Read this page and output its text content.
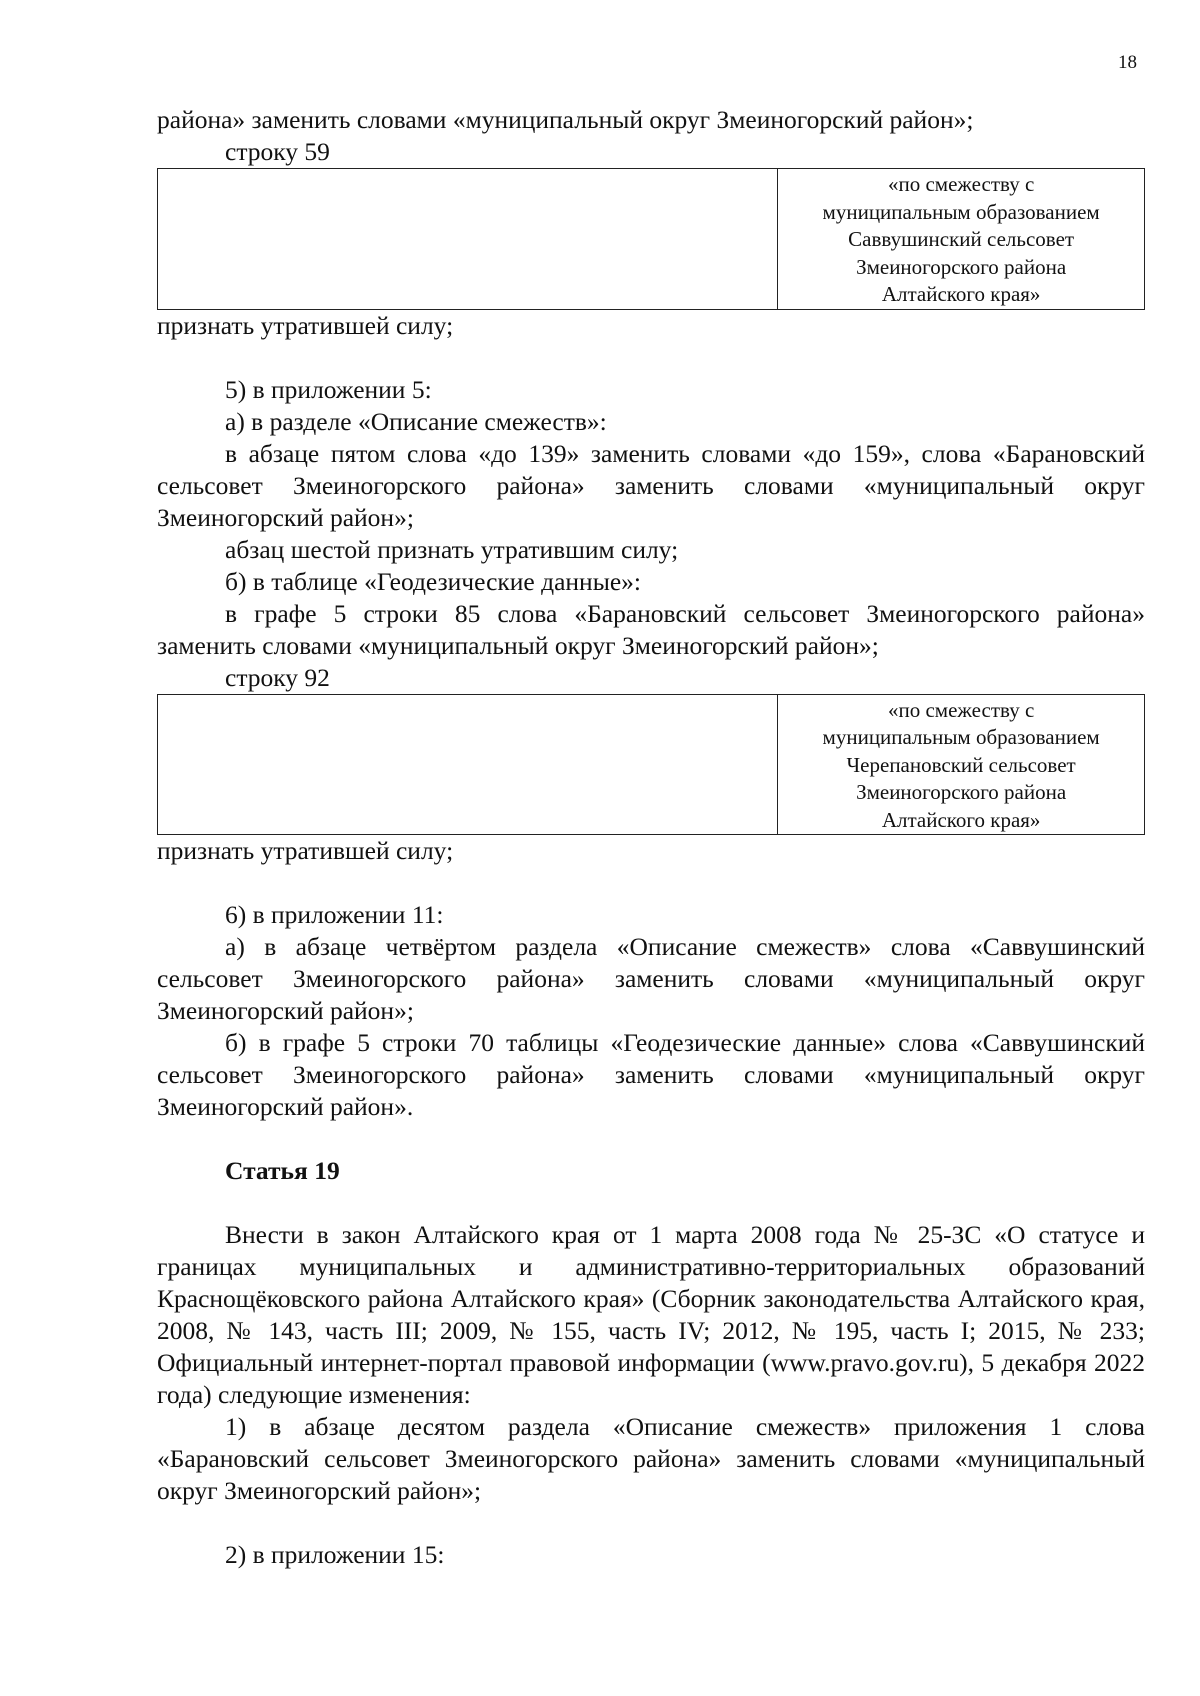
18

района» заменить словами «муниципальный округ Змеиногорский район»;

строку 59

«по смежеству с
муниципальным образованием
Саввушинский сельсовет
Змеиногорского района
Алтайского края»

признать утратившей силу;

5) в приложении 5:

а) в разделе «Описание смежеств»:

в абзаце пятом слова «до 139» заменить словами «до 159», слова «Барановский сельсовет Змеиногорского района» заменить словами «муниципальный округ Змеиногорский район»;

абзац шестой признать утратившим силу;

б) в таблице «Геодезические данные»:

в графе 5 строки 85 слова «Барановский сельсовет Змеиногорского района» заменить словами «муниципальный округ Змеиногорский район»;

строку 92

«по смежеству с
муниципальным образованием
Черепановский сельсовет
Змеиногорского района
Алтайского края»

признать утратившей силу;

6) в приложении 11:

а) в абзаце четвёртом раздела «Описание смежеств» слова «Саввушинский сельсовет Змеиногорского района» заменить словами «муниципальный округ Змеиногорский район»;

б) в графе 5 строки 70 таблицы «Геодезические данные» слова «Саввушинский сельсовет Змеиногорского района» заменить словами «муниципальный округ Змеиногорский район».

Статья 19

Внести в закон Алтайского края от 1 марта 2008 года № 25-ЗС «О статусе и границах муниципальных и административно-территориальных образований Краснощёковского района Алтайского края» (Сборник законодательства Алтайского края, 2008, № 143, часть III; 2009, № 155, часть IV; 2012, № 195, часть I; 2015, № 233; Официальный интернет-портал правовой информации (www.pravo.gov.ru), 5 декабря 2022 года) следующие изменения:

1) в абзаце десятом раздела «Описание смежеств» приложения 1 слова «Барановский сельсовет Змеиногорского района» заменить словами «муниципальный округ Змеиногорский район»;

2) в приложении 15:
